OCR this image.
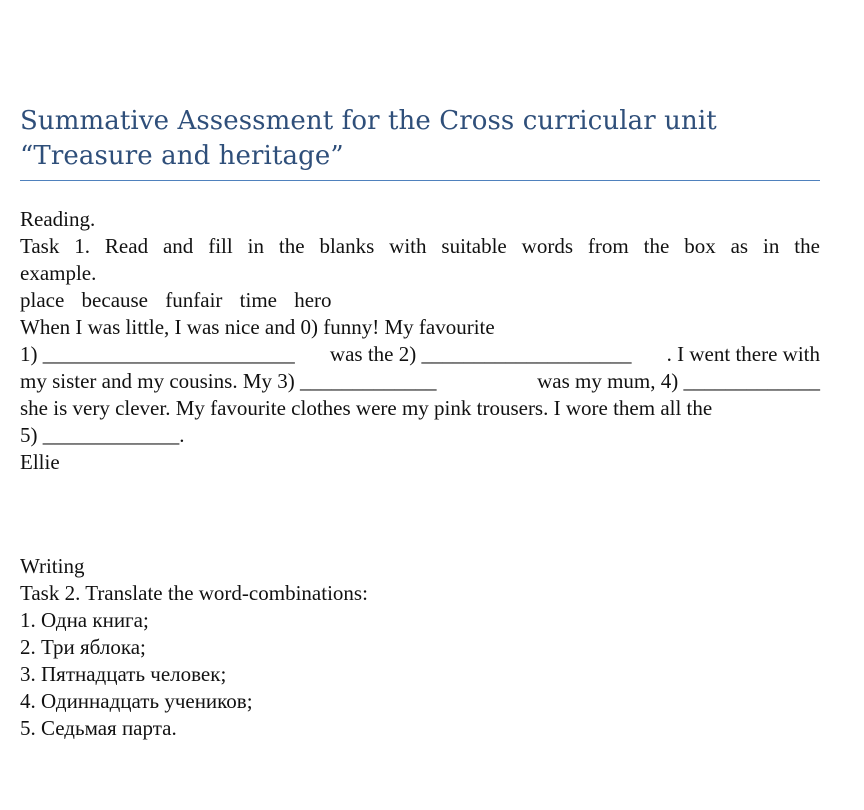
Summative Assessment for the Cross curricular unit
“Treasure and heritage”
Reading.
Task 1. Read and fill in the blanks with suitable words from the box as in the
example.
place because funfair time hero
When I was little, I was nice and 0) funny! My favourite
1) ________________________ was the 2) ____________________ . I went there with
my sister and my cousins. My 3) _____________	was my mum, 4) _____________
she is very clever. My favourite clothes were my pink trousers. I wore them all the
5) _____________.
Ellie
Writing
Task 2. Translate the word-combinations:
1. Одна книга;
2. Три яблока;
3. Пятнадцать человек;
4. Одиннадцать учеников;
5. Седьмая парта.
